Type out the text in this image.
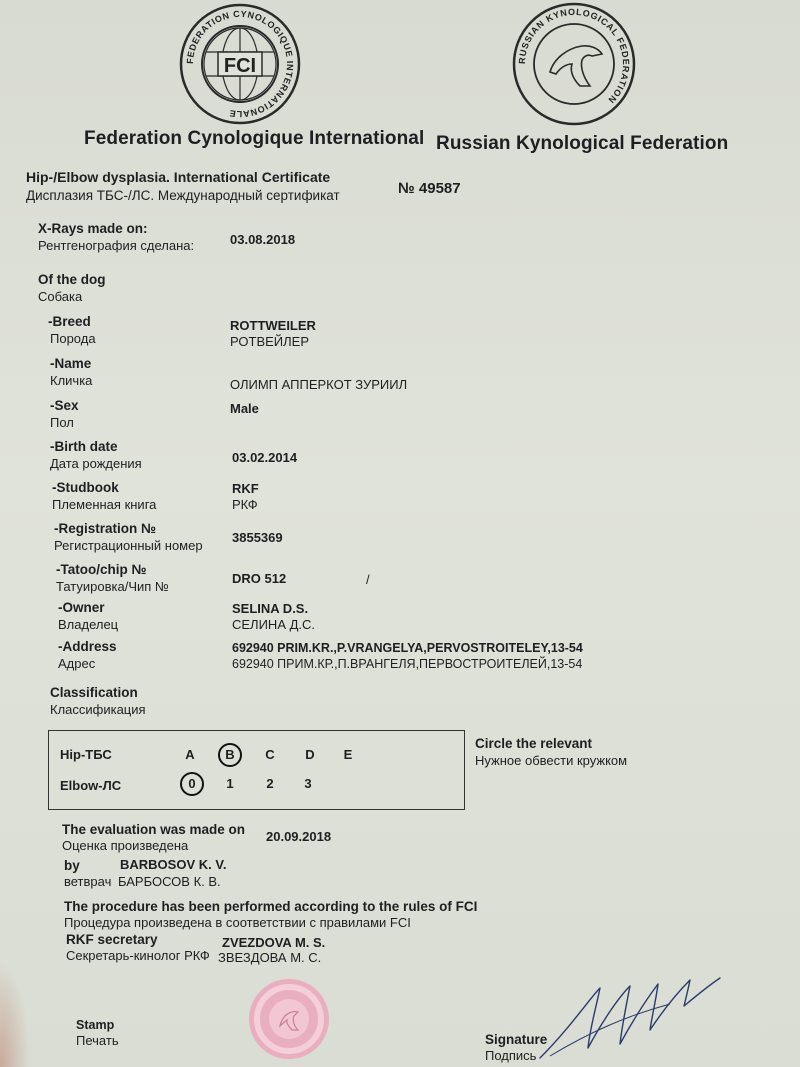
FCI
FEDERATION CYNOLOGIQUE INTERNATIONALE
RUSSIAN KYNOLOGICAL FEDERATION
Federation Cynologique International Russian Kynological Federation
Hip-/Elbow dysplasia. International Certificate
Дисплазия ТБС-/ЛС. Международный сертификат	№ 49587
X-Rays made on:
Рентгенография сделана:	03.08.2018
Of the dog
Собака
-Breed
Порода
ROTTWEILER
РОТВЕЙЛЕР
-Name
Кличка	ОЛИМП АППЕРКОТ ЗУРИИЛ
-Sex
Пол
Male
-Birth date
Дата рождения	03.02.2014
-Studbook
Племенная книга
RKF
РКФ
-Registration №
Регистрационный номер
3855369
-Tatoo/chip №
Татуировка/Чип №
DRO 512	/
-Owner
Владелец
SELINA D.S.
СЕЛИНА Д.С.
-Address
Адрес
692940 PRIM.KR.,P.VRANGELYA,PERVOSTROITELEY,13-54
692940 ПРИМ.КР.,П.ВРАНГЕЛЯ,ПЕРВОСТРОИТЕЛЕЙ,13-54
Classification
Классификация
Hip-ТБС	A	B	C	D	E
Elbow-ЛС	0	1	2	3
Circle the relevant
Нужное обвести кружком
The evaluation was made on
Оценка произведена
20.09.2018
by	BARBOSOV K. V.
ветврач БАРБОСОВ К. В.
The procedure has been performed according to the rules of FCI
Процедура произведена в соответствии с правилами FCI
RKF secretary
Секретарь-кинолог РКФ
ZVEZDOVA M. S.
ЗВЕЗДОВА М. С.
Stamp
Печать	Signature
Подпись
